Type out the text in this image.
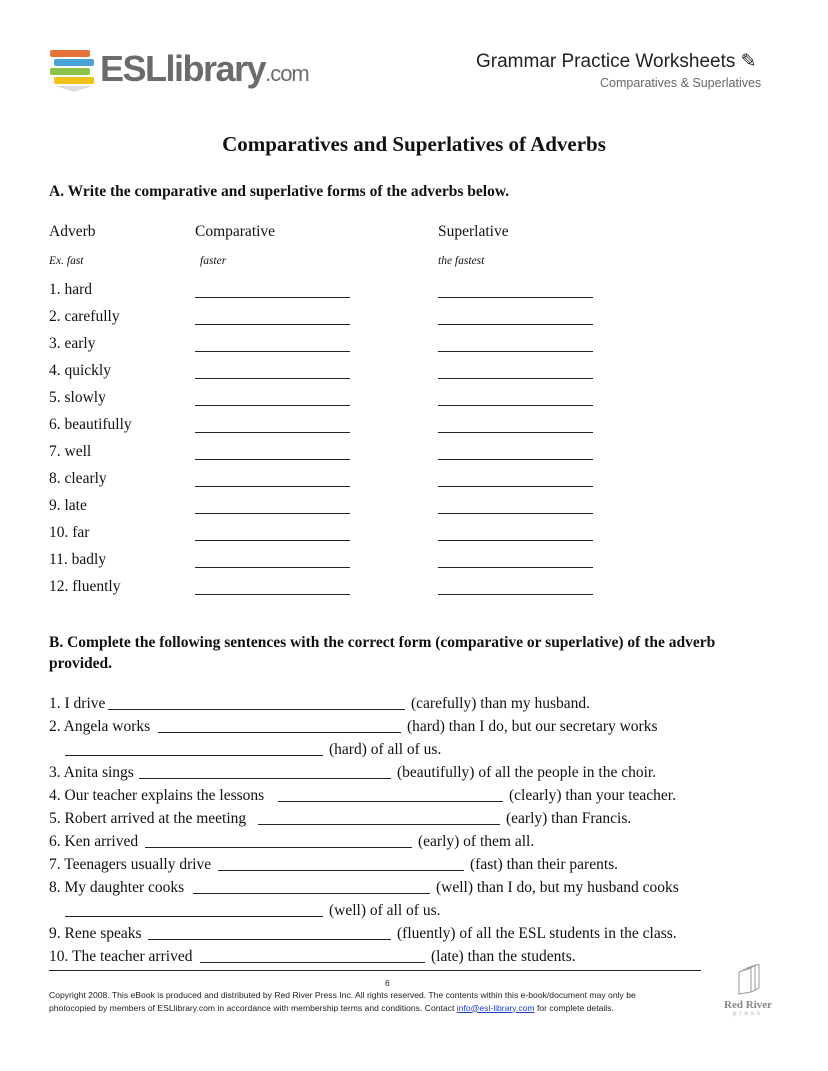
ESLlibrary.com	Grammar Practice Worksheets ✎
Comparatives & Superlatives
Comparatives and Superlatives of Adverbs
A. Write the comparative and superlative forms of the adverbs below.
Adverb	Comparative	Superlative
Ex. fast	faster	the fastest
1. hard
2. carefully
3. early
4. quickly
5. slowly
6. beautifully
7. well
8. clearly
9. late
10. far
11. badly
12. fluently
B. Complete the following sentences with the correct form (comparative or superlative) of the adverb provided.
1. I drive	(carefully) than my husband.
2. Angela works	(hard) than I do, but our secretary works
(hard) of all of us.
3. Anita sings	(beautifully) of all the people in the choir.
4. Our teacher explains the lessons	(clearly) than your teacher.
5. Robert arrived at the meeting	(early) than Francis.
6. Ken arrived	(early) of them all.
7. Teenagers usually drive	(fast) than their parents.
8. My daughter cooks	(well) than I do, but my husband cooks
(well) of all of us.
9. Rene speaks	(fluently) of all the ESL students in the class.
10. The teacher arrived	(late) than the students.
6
Copyright 2008. This eBook is produced and distributed by Red River Press Inc. All rights reserved. The contents within this e-book/document may only be
photocopied by members of ESLlibrary.com in accordance with membership terms and conditions. Contact info@esl-library.com for complete details.	Red River
press
